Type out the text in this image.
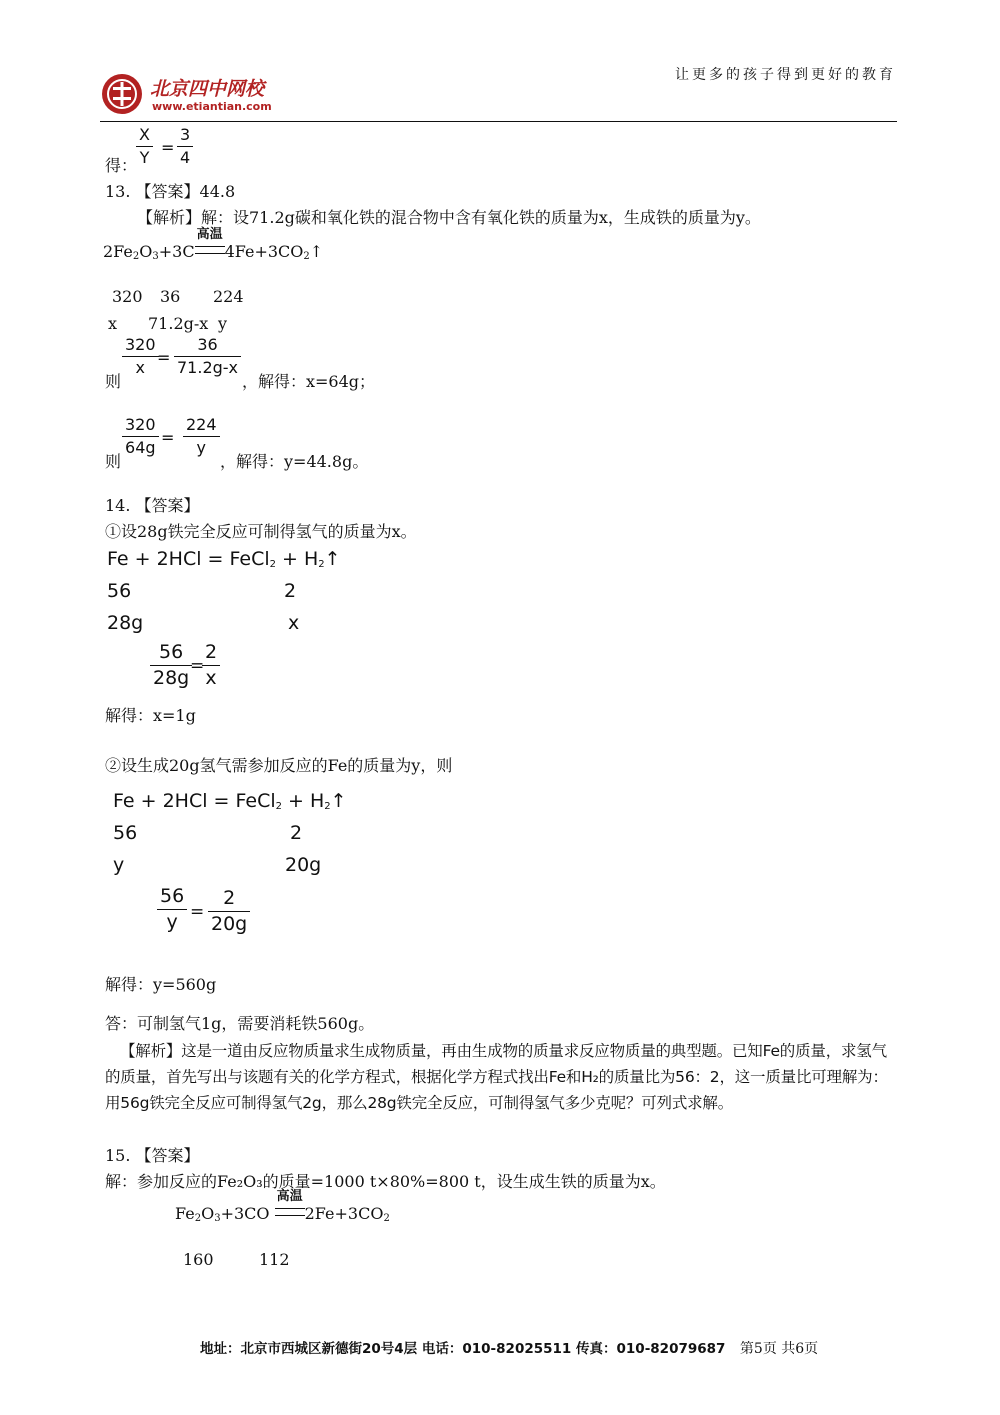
北京四中网校
www.etiantian.com
让更多的孩子得到更好的教育
得：
X
Y
=
3
4
13. 【答案】44.8
【解析】解：设71.2g碳和氧化铁的混合物中含有氧化铁的质量为x，生成铁的质量为y。
$2Fe_2O_3+3C$
高温
$4Fe+3CO_2↑$
320 36 224
x 71.2g-x y
则
320
x
=
36
71.2g-x
，解得：x=64g；
则
320
64g
=
224
y
，解得：y=44.8g。
14. 【答案】
①设28g铁完全反应可制得氢气的质量为x。
Fe + 2HCl = FeCl$_2$ + $H_2↑$
56	2
28g	x
56
28g
=
2
x
解得：x=1g
②设生成20g氢气需参加反应的Fe的质量为y，则
Fe + 2HCl = FeCl$_2$ + $H_2↑$
56	2
y	20g
56
y =
2
20g
解得：y=560g
答：可制氢气1g，需要消耗铁560g。
【解析】这是一道由反应物质量求生成物质量，再由生成物的质量求反应物质量的典型题。已知Fe的质量，求氢气的质量，首先写出与该题有关的化学方程式，根据化学方程式找出Fe和H₂的质量比为56：2，这一质量比可理解为：用56g铁完全反应可制得氢气2g，那么28g铁完全反应，可制得氢气多少克呢？可列式求解。
15. 【答案】
解：参加反应的Fe₂O₃的质量=1000 t×80%=800 t，设生成生铁的质量为x。
$Fe_2O_3+3CO$
高温
$2Fe+3CO_2$
160	112
地址：北京市西城区新德街20号4层 电话：010-82025511 传真：010-82079687 第5页 共6页
